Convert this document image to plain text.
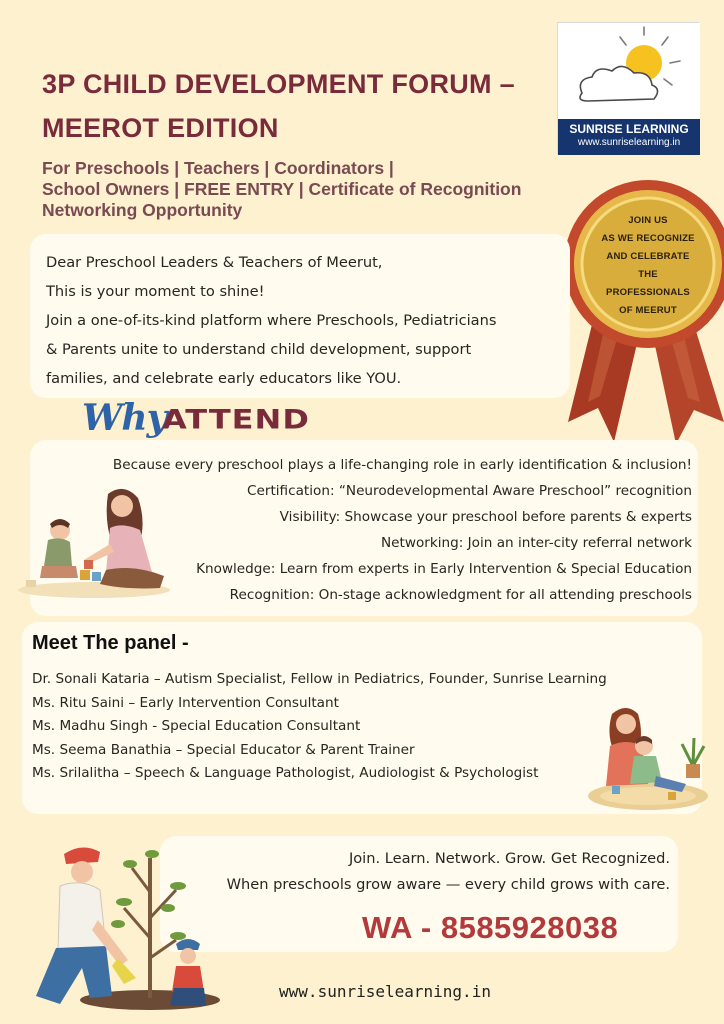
3P CHILD DEVELOPMENT FORUM –
MEEROT EDITION
For Preschools | Teachers | Coordinators |
School Owners | FREE ENTRY | Certificate of Recognition
Networking Opportunity
SUNRISE LEARNING
www.sunriselearning.in
JOIN US
AS WE RECOGNIZE
AND CELEBRATE
THE PROFESSIONALS
OF MEERUT
Dear Preschool Leaders & Teachers of Meerut,
This is your moment to shine!
Join a one-of-its-kind platform where Preschools, Pediatricians
& Parents unite to understand child development, support
families, and celebrate early educators like YOU.
Why
ATTEND
Because every preschool plays a life-changing role in early identification & inclusion!
Certification: “Neurodevelopmental Aware Preschool” recognition
Visibility: Showcase your preschool before parents & experts
Networking: Join an inter-city referral network
Knowledge: Learn from experts in Early Intervention & Special Education
Recognition: On-stage acknowledgment for all attending preschools
Meet The panel -
Dr. Sonali Kataria – Autism Specialist, Fellow in Pediatrics, Founder, Sunrise Learning
Ms. Ritu Saini – Early Intervention Consultant
Ms. Madhu Singh - Special Education Consultant
Ms. Seema Banathia – Special Educator & Parent Trainer
Ms. Srilalitha – Speech & Language Pathologist, Audiologist & Psychologist
Join. Learn. Network. Grow. Get Recognized.
When preschools grow aware — every child grows with care.
WA - 8585928038
www.sunriselearning.in
